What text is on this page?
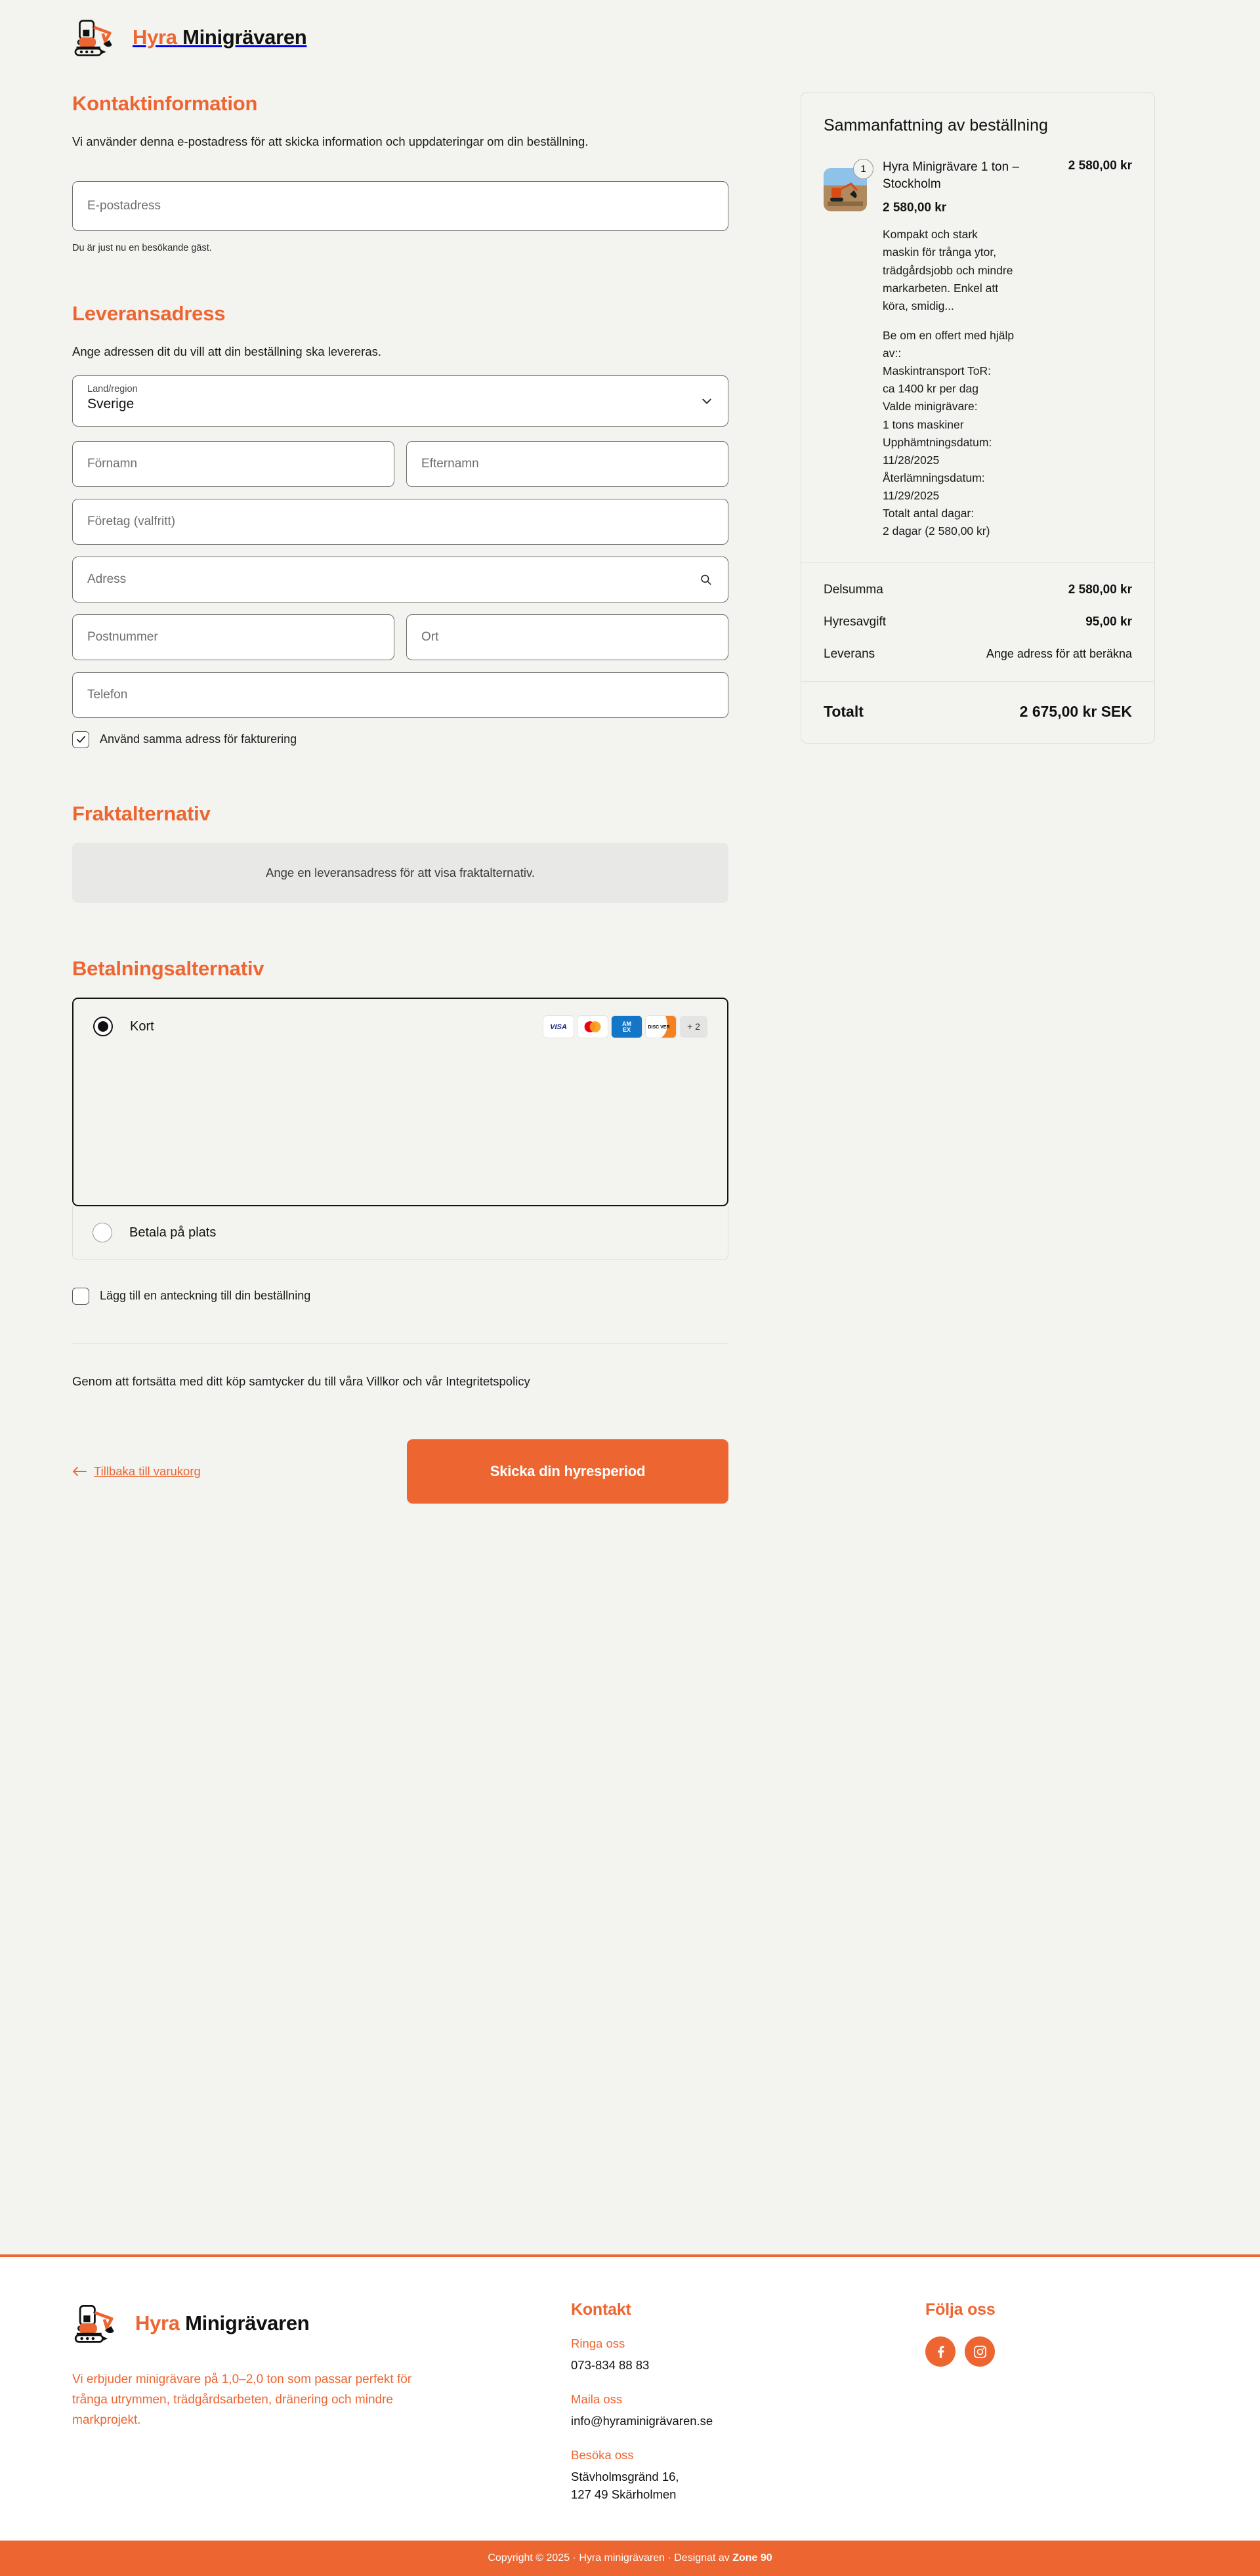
Hyra Minigrävaren
Kontaktinformation

Vi använder denna e-postadress för att skicka information och uppdateringar om din beställning.

E-postadress

Du är just nu en besökande gäst.

Leveransadress

Ange adressen dit du vill att din beställning ska levereras.

Land/region
Sverige
Förnamn	Efternamn
Företag (valfritt)
Adress
Postnummer	Ort
Telefon
Använd samma adress för fakturering
Fraktalternativ
Ange en leveransadress för att visa fraktalternativ.
Betalningsalternativ
Kort	VISA	AM
EX	DISC VER	+ 2
Betala på plats
Lägg till en anteckning till din beställning

Genom att fortsätta med ditt köp samtycker du till våra Villkor och vår Integritetspolicy

Tillbaka till varukorg	Skicka din hyresperiod
Sammanfattning av beställning
1	Hyra Minigrävare 1 ton – Stockholm
2 580,00 kr
2 580,00 kr
Kompakt och stark maskin för trånga ytor, trädgårdsjobb och mindre markarbeten. Enkel att köra, smidig...
Be om en offert med hjälp av::
Maskintransport ToR:
ca 1400 kr per dag
Valde minigrävare:
1 tons maskiner
Upphämtningsdatum:
11/28/2025
Återlämningsdatum:
11/29/2025
Totalt antal dagar:
2 dagar (2 580,00 kr)
Delsumma	2 580,00 kr
Hyresavgift	95,00 kr
Leverans	Ange adress för att beräkna
Totalt	2 675,00 kr SEK
Hyra Minigrävaren

Vi erbjuder minigrävare på 1,0–2,0 ton som passar perfekt för trånga utrymmen, trädgårdsarbeten, dränering och mindre markprojekt.

Kontakt
Ringa oss
073-834 88 83
Maila oss
info@hyraminigrävaren.se
Besöka oss
Stävholmsgränd 16,
127 49 Skärholmen
Följa oss
Copyright © 2025 · Hyra minigrävaren · Designat av Zone 90
